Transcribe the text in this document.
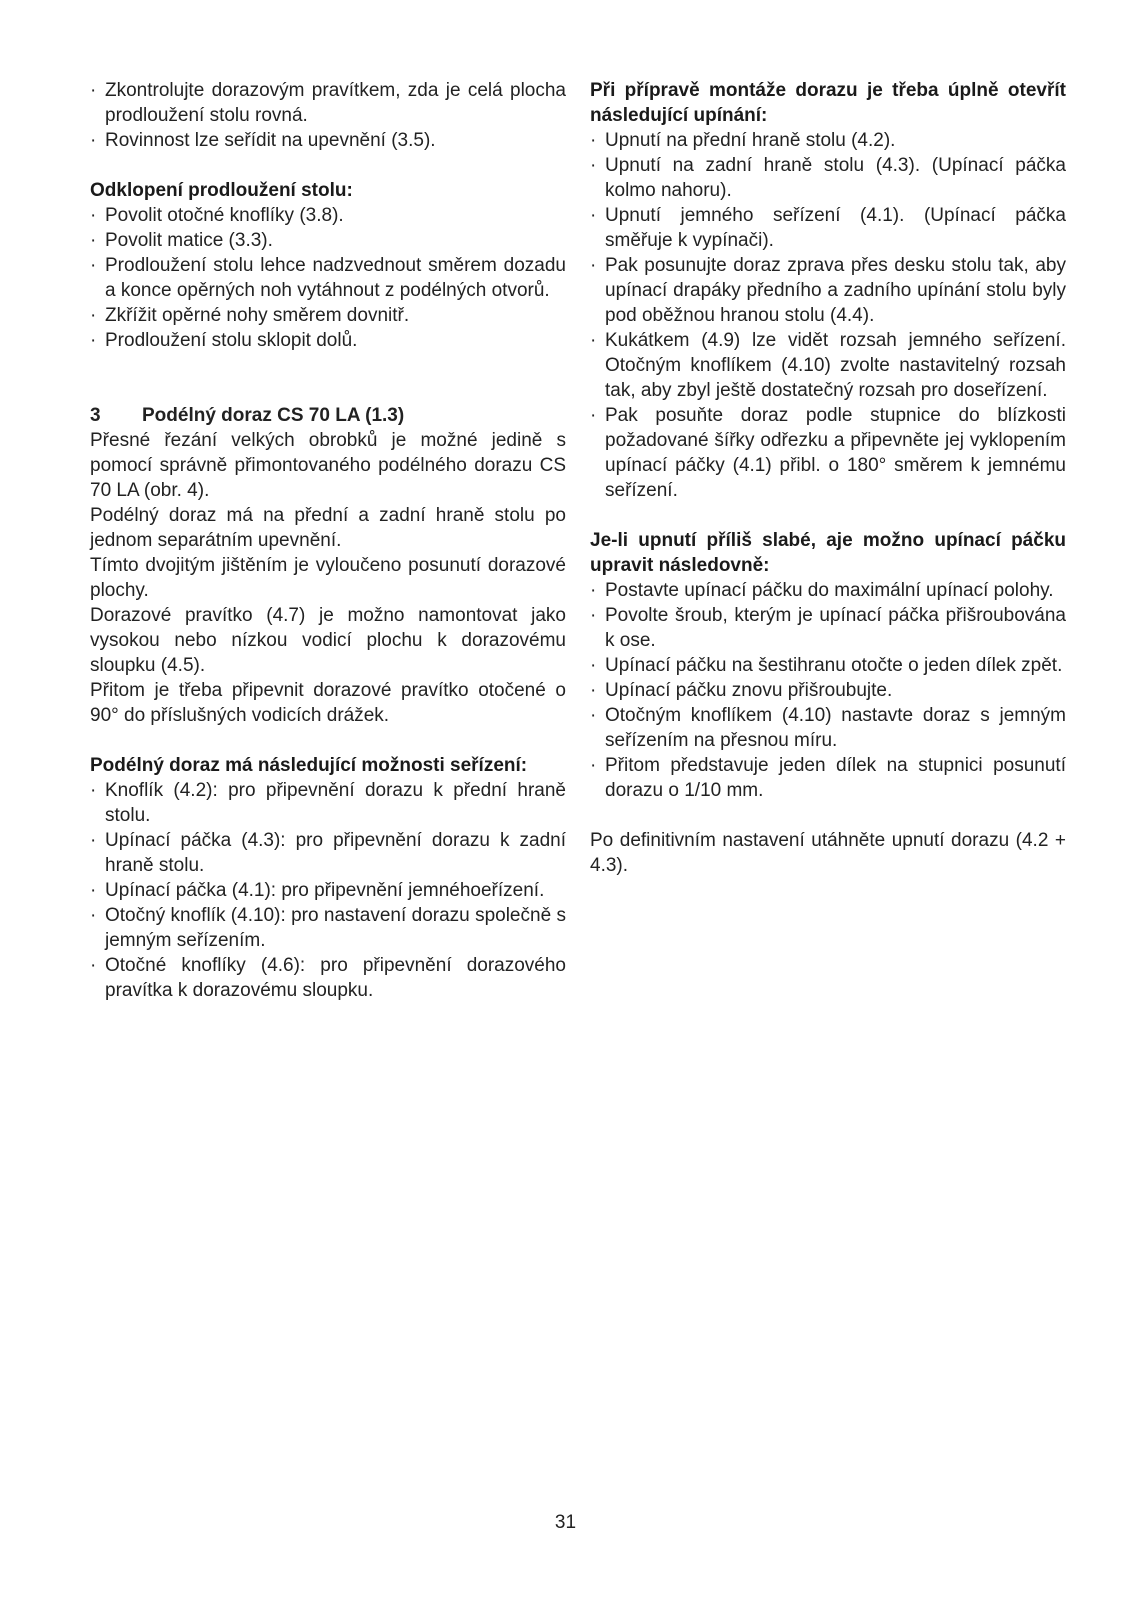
· Zkontrolujte dorazovým pravítkem, zda je celá plocha prodloužení stolu rovná.
· Rovinnost lze seřídit na upevnění (3.5).
Odklopení prodloužení stolu:
· Povolit otočné knoflíky (3.8).
· Povolit matice (3.3).
· Prodloužení stolu lehce nadzvednout směrem dozadu a konce opěrných noh vytáhnout z podélných otvorů.
· Zkřížit opěrné nohy směrem dovnitř.
· Prodloužení stolu sklopit dolů.
3	Podélný doraz CS 70 LA (1.3)

Přesné řezání velkých obrobků je možné jedině s pomocí správně přimontovaného podélného dorazu CS 70 LA (obr. 4).

Podélný doraz má na přední a zadní hraně stolu po jednom separátním upevnění.

Tímto dvojitým jištěním je vyloučeno posunutí dorazové plochy.

Dorazové pravítko (4.7) je možno namontovat jako vysokou nebo nízkou vodicí plochu k dorazovému sloupku (4.5).

Přitom je třeba připevnit dorazové pravítko otočené o 90° do příslušných vodicích drážek.

Podélný doraz má následující možnosti seřízení:
· Knoflík (4.2): pro připevnění dorazu k přední hraně stolu.
· Upínací páčka (4.3): pro připevnění dorazu k zadní hraně stolu.
· Upínací páčka (4.1): pro připevnění jemnéhoeřízení.
· Otočný knoflík (4.10): pro nastavení dorazu společně s jemným seřízením.
· Otočné knoflíky (4.6): pro připevnění dorazového pravítka k dorazovému sloupku.
Při přípravě montáže dorazu je třeba úplně otevřít následující upínání:
· Upnutí na přední hraně stolu (4.2).
· Upnutí na zadní hraně stolu (4.3). (Upínací páčka kolmo nahoru).
· Upnutí jemného seřízení (4.1). (Upínací páčka směřuje k vypínači).
· Pak posunujte doraz zprava přes desku stolu tak, aby upínací drapáky předního a zadního upínání stolu byly pod oběžnou hranou stolu (4.4).
· Kukátkem (4.9) lze vidět rozsah jemného seřízení. Otočným knoflíkem (4.10) zvolte nastavitelný rozsah tak, aby zbyl ještě dostatečný rozsah pro doseřízení.
· Pak posuňte doraz podle stupnice do blízkosti požadované šířky odřezku a připevněte jej vyklopením upínací páčky (4.1) přibl. o 180° směrem k jemnému seřízení.
Je-li upnutí příliš slabé, aje možno upínací páčku upravit následovně:
· Postavte upínací páčku do maximální upínací polohy.
· Povolte šroub, kterým je upínací páčka přišroubována k ose.
· Upínací páčku na šestihranu otočte o jeden dílek zpět.
· Upínací páčku znovu přišroubujte.
· Otočným knoflíkem (4.10) nastavte doraz s jemným seřízením na přesnou míru.
· Přitom představuje jeden dílek na stupnici posunutí dorazu o 1/10 mm.

Po definitivním nastavení utáhněte upnutí dorazu (4.2 + 4.3).

31
